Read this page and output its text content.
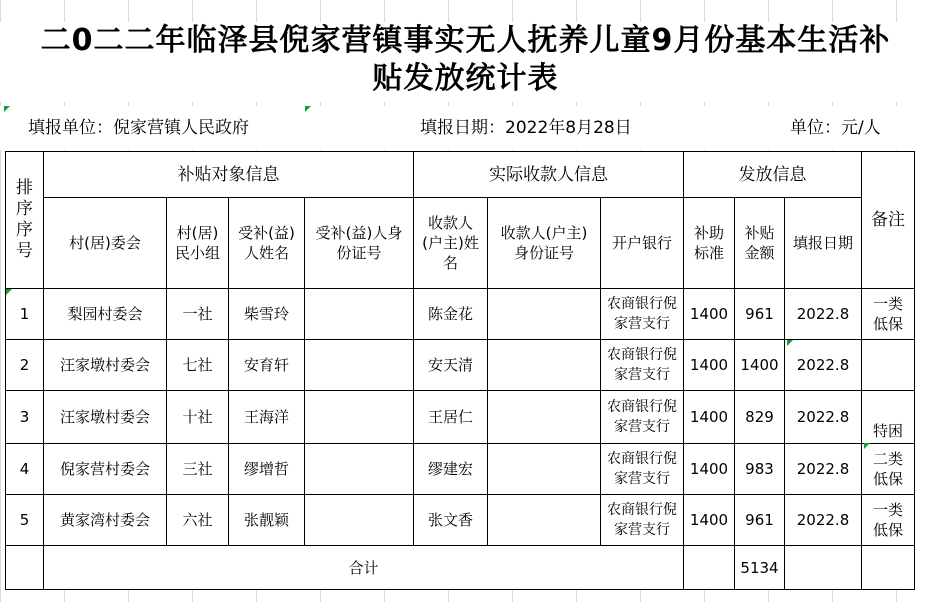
二0二二年临泽县倪家营镇事实无人抚养儿童9月份基本生活补
贴发放统计表
填报单位：倪家营镇人民政府	填报日期：2022年8月28日	单位：元/人
排序序号	补贴对象信息				实际收款人信息			发放信息			备注
	村(居)委会	村(居)民小组	受补(益)人姓名	受补(益)人身份证号	收款人(户主)姓名	收款人(户主)身份证号	开户银行	补助标准	补贴金额	填报日期	
1	梨园村委会	一社	柴雪玲		陈金花		农商银行倪家营支行	1400	961	2022.8	一类低保

2	汪家墩村委会	七社	安育轩		安天清		农商银行倪家营支行	1400	1400	2022.8	

3	汪家墩村委会	十社	王海洋		王居仁		农商银行倪家营支行	1400	829	2022.8	特困

4	倪家营村委会	三社	缪增哲		缪建宏		农商银行倪家营支行	1400	983	2022.8	二类低保

5	黄家湾村委会	六社	张靓颖		张文香		农商银行倪家营支行	1400	961	2022.8	一类低保

	合计								5134		
